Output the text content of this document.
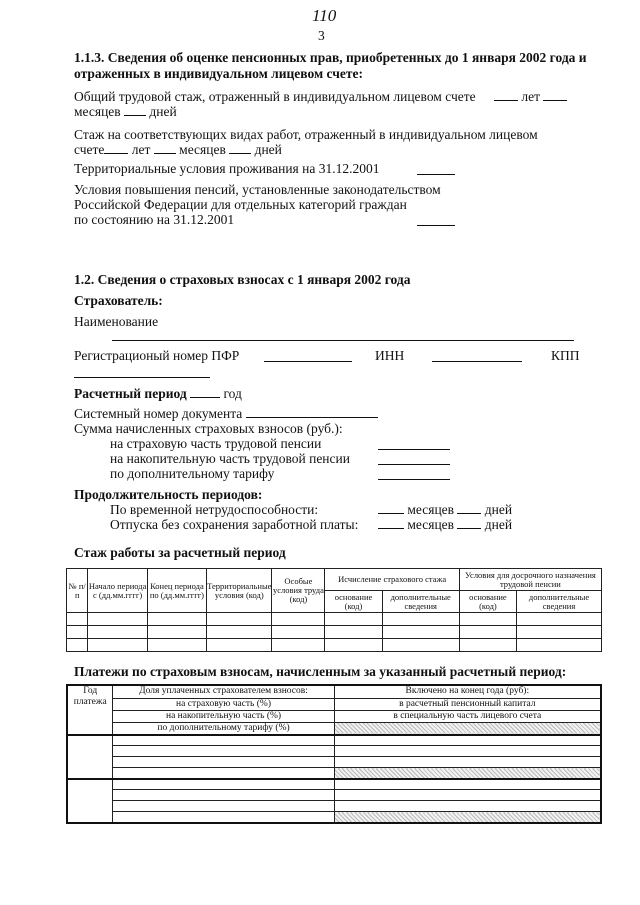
110
3
1.1.3. Сведения об оценке пенсионных прав, приобретенных до 1 января 2002 года и
отраженных в индивидуальном лицевом счете:
Общий трудовой стаж, отраженный в индивидуальном лицевом счете	лет
месяцев дней
Стаж на соответствующих видах работ, отраженный в индивидуальном лицевом
счете лет месяцев дней
Территориальные условия проживания на 31.12.2001
Условия повышения пенсий, установленные законодательством
Российской Федерации для отдельных категорий граждан
по состоянию на 31.12.2001
1.2. Сведения о страховых взносах с 1 января 2002 года
Страхователь:
Наименование
Регистрационый номер ПФР	ИНН	КПП
Расчетный период	год
Системный номер документа
Сумма начисленных страховых взносов (руб.):
на страховую часть трудовой пенсии
на накопительную часть трудовой пенсии
по дополнительному тарифу
Продолжительность периодов:
По временной нетрудоспособности:	месяцев дней
Отпуска без сохранения заработной платы:	месяцев дней
Стаж работы за расчетный период
№ п/п	Начало периода с (дд.мм.гггг)	Конец периода по (дд.мм.гггг)	Территориальные условия (код)	Особые условия труда (код)	Исчисление страхового стажа		Условия для досрочного назначения трудовой пенсии	
					основание (код)	дополнительные сведения	основание (код)	дополнительные сведения

Платежи по страховым взносам, начисленным за указанный расчетный период:
Год платежа	Доля уплаченных страхователем взносов:	Включено на конец года (руб):
	на страховую часть (%)	в расчетный пенсионный капитал
	на накопительную часть (%)	в специальную часть лицевого счета
	по дополнительному тарифу (%)	
